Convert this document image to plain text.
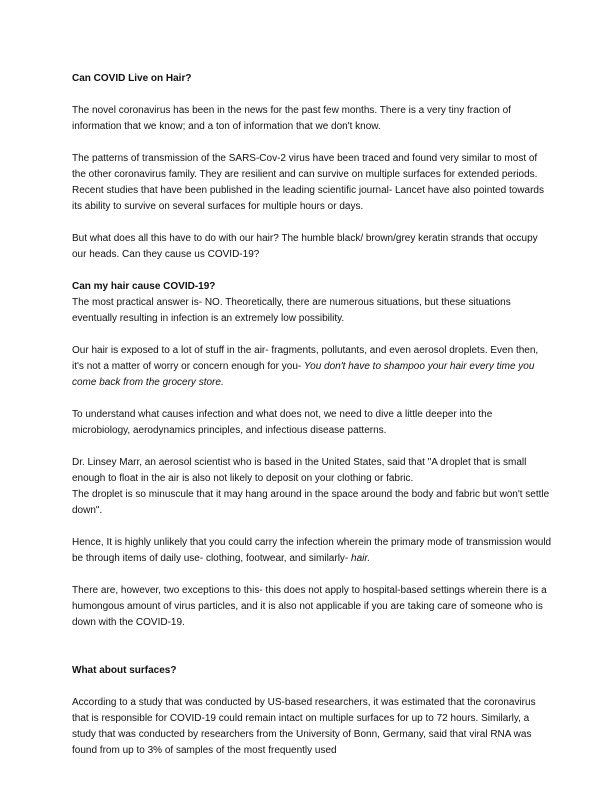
Can COVID Live on Hair?

The novel coronavirus has been in the news for the past few months. There is a very tiny fraction of information that we know; and a ton of information that we don't know.

The patterns of transmission of the SARS-Cov-2 virus have been traced and found very similar to most of the other coronavirus family. They are resilient and can survive on multiple surfaces for extended periods. Recent studies that have been published in the leading scientific journal- Lancet have also pointed towards its ability to survive on several surfaces for multiple hours or days.

But what does all this have to do with our hair? The humble black/ brown/grey keratin strands that occupy our heads. Can they cause us COVID-19?

Can my hair cause COVID-19?

The most practical answer is- NO. Theoretically, there are numerous situations, but these situations eventually resulting in infection is an extremely low possibility.

Our hair is exposed to a lot of stuff in the air- fragments, pollutants, and even aerosol droplets. Even then, it's not a matter of worry or concern enough for you- You don't have to shampoo your hair every time you come back from the grocery store.

To understand what causes infection and what does not, we need to dive a little deeper into the microbiology, aerodynamics principles, and infectious disease patterns.

Dr. Linsey Marr, an aerosol scientist who is based in the United States, said that "A droplet that is small enough to float in the air is also not likely to deposit on your clothing or fabric.

The droplet is so minuscule that it may hang around in the space around the body and fabric but won't settle down".

Hence, It is highly unlikely that you could carry the infection wherein the primary mode of transmission would be through items of daily use- clothing, footwear, and similarly- hair.

There are, however, two exceptions to this- this does not apply to hospital-based settings wherein there is a humongous amount of virus particles, and it is also not applicable if you are taking care of someone who is down with the COVID-19.

What about surfaces?

According to a study that was conducted by US-based researchers, it was estimated that the coronavirus that is responsible for COVID-19 could remain intact on multiple surfaces for up to 72 hours. Similarly, a study that was conducted by researchers from the University of Bonn, Germany, said that viral RNA was found from up to 3% of samples of the most frequently used
